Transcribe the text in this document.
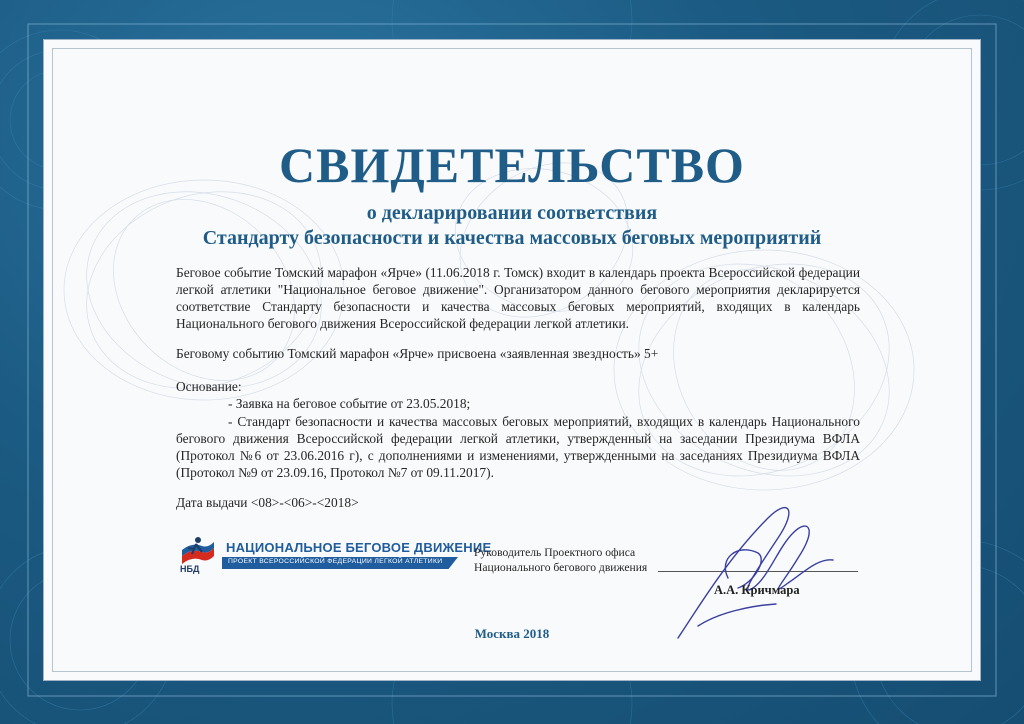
СВИДЕТЕЛЬСТВО

о декларировании соответствия

Стандарту безопасности и качества массовых беговых мероприятий

Беговое событие Томский марафон «Ярче» (11.06.2018 г. Томск) входит в календарь проекта Всероссийской федерации легкой атлетики "Национальное беговое движение". Организатором данного бегового мероприятия декларируется соответствие Стандарту безопасности и качества массовых беговых мероприятий, входящих в календарь Национального бегового движения Всероссийской федерации легкой атлетики.

Беговому событию Томский марафон «Ярче» присвоена «заявленная звездность» 5+

Основание:

- Заявка на беговое событие от 23.05.2018;

- Стандарт безопасности и качества массовых беговых мероприятий, входящих в календарь Национального бегового движения Всероссийской федерации легкой атлетики, утвержденный на заседании Президиума ВФЛА (Протокол №6 от 23.06.2016 г), с дополнениями и изменениями, утвержденными на заседаниях Президиума ВФЛА (Протокол №9 от 23.09.16, Протокол №7 от 09.11.2017).

Дата выдачи <08>-<06>-<2018>

НБД
НАЦИОНАЛЬНОЕ БЕГОВОЕ ДВИЖЕНИЕ
ПРОЕКТ ВСЕРОССИЙСКОЙ ФЕДЕРАЦИИ ЛЕГКОЙ АТЛЕТИКИ
Руководитель Проектного офиса
Национального бегового движения
А.А. Кричмара
Москва 2018
